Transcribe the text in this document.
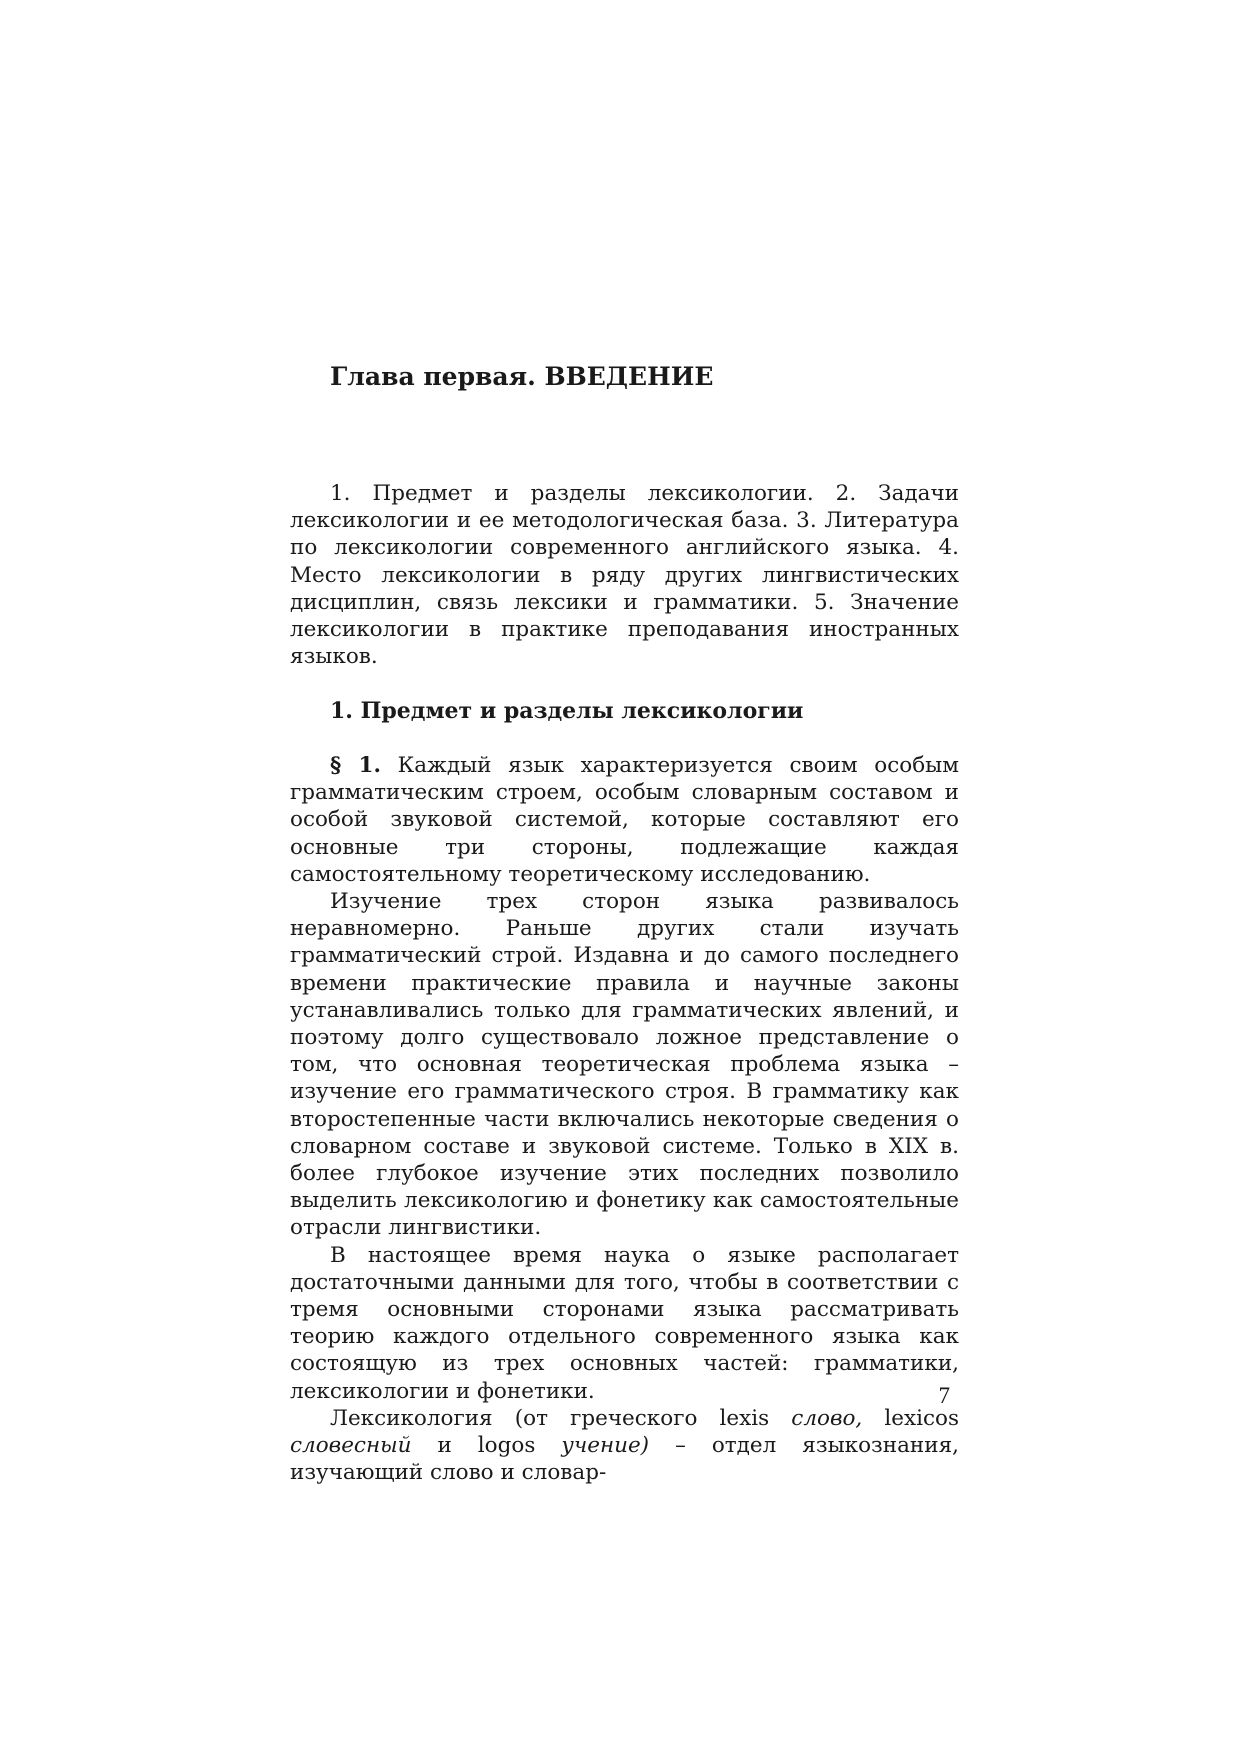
Глава первая. ВВЕДЕНИЕ

1. Предмет и разделы лексикологии. 2. Задачи лексикологии и ее методологическая база. 3. Литература по лексикологии современного английского языка. 4. Место лексикологии в ряду других лингвистических дисциплин, связь лексики и грамматики. 5. Значение лексикологии в практике преподавания иностранных языков.

1. Предмет и разделы лексикологии

§ 1. Каждый язык характеризуется своим особым грамматическим строем, особым словарным составом и особой звуковой системой, которые составляют его основные три стороны, подлежащие каждая самостоятельному теоретическому исследованию.

Изучение трех сторон языка развивалось неравномерно. Раньше других стали изучать грамматический строй. Издавна и до самого последнего времени практические правила и научные законы устанавливались только для грамматических явлений, и поэтому долго существовало ложное представление о том, что основная теоретическая проблема языка – изучение его грамматического строя. В грамматику как второстепенные части включались некоторые сведения о словарном составе и звуковой системе. Только в XIX в. более глубокое изучение этих последних позволило выделить лексикологию и фонетику как самостоятельные отрасли лингвистики.

В настоящее время наука о языке располагает достаточными данными для того, чтобы в соответствии с тремя основными сторонами языка рассматривать теорию каждого отдельного современного языка как состоящую из трех основных частей: грамматики, лексикологии и фонетики.

Лексикология (от греческого lexis слово, lexicos словесный и logos учение) – отдел языкознания, изучающий слово и словар-

7
